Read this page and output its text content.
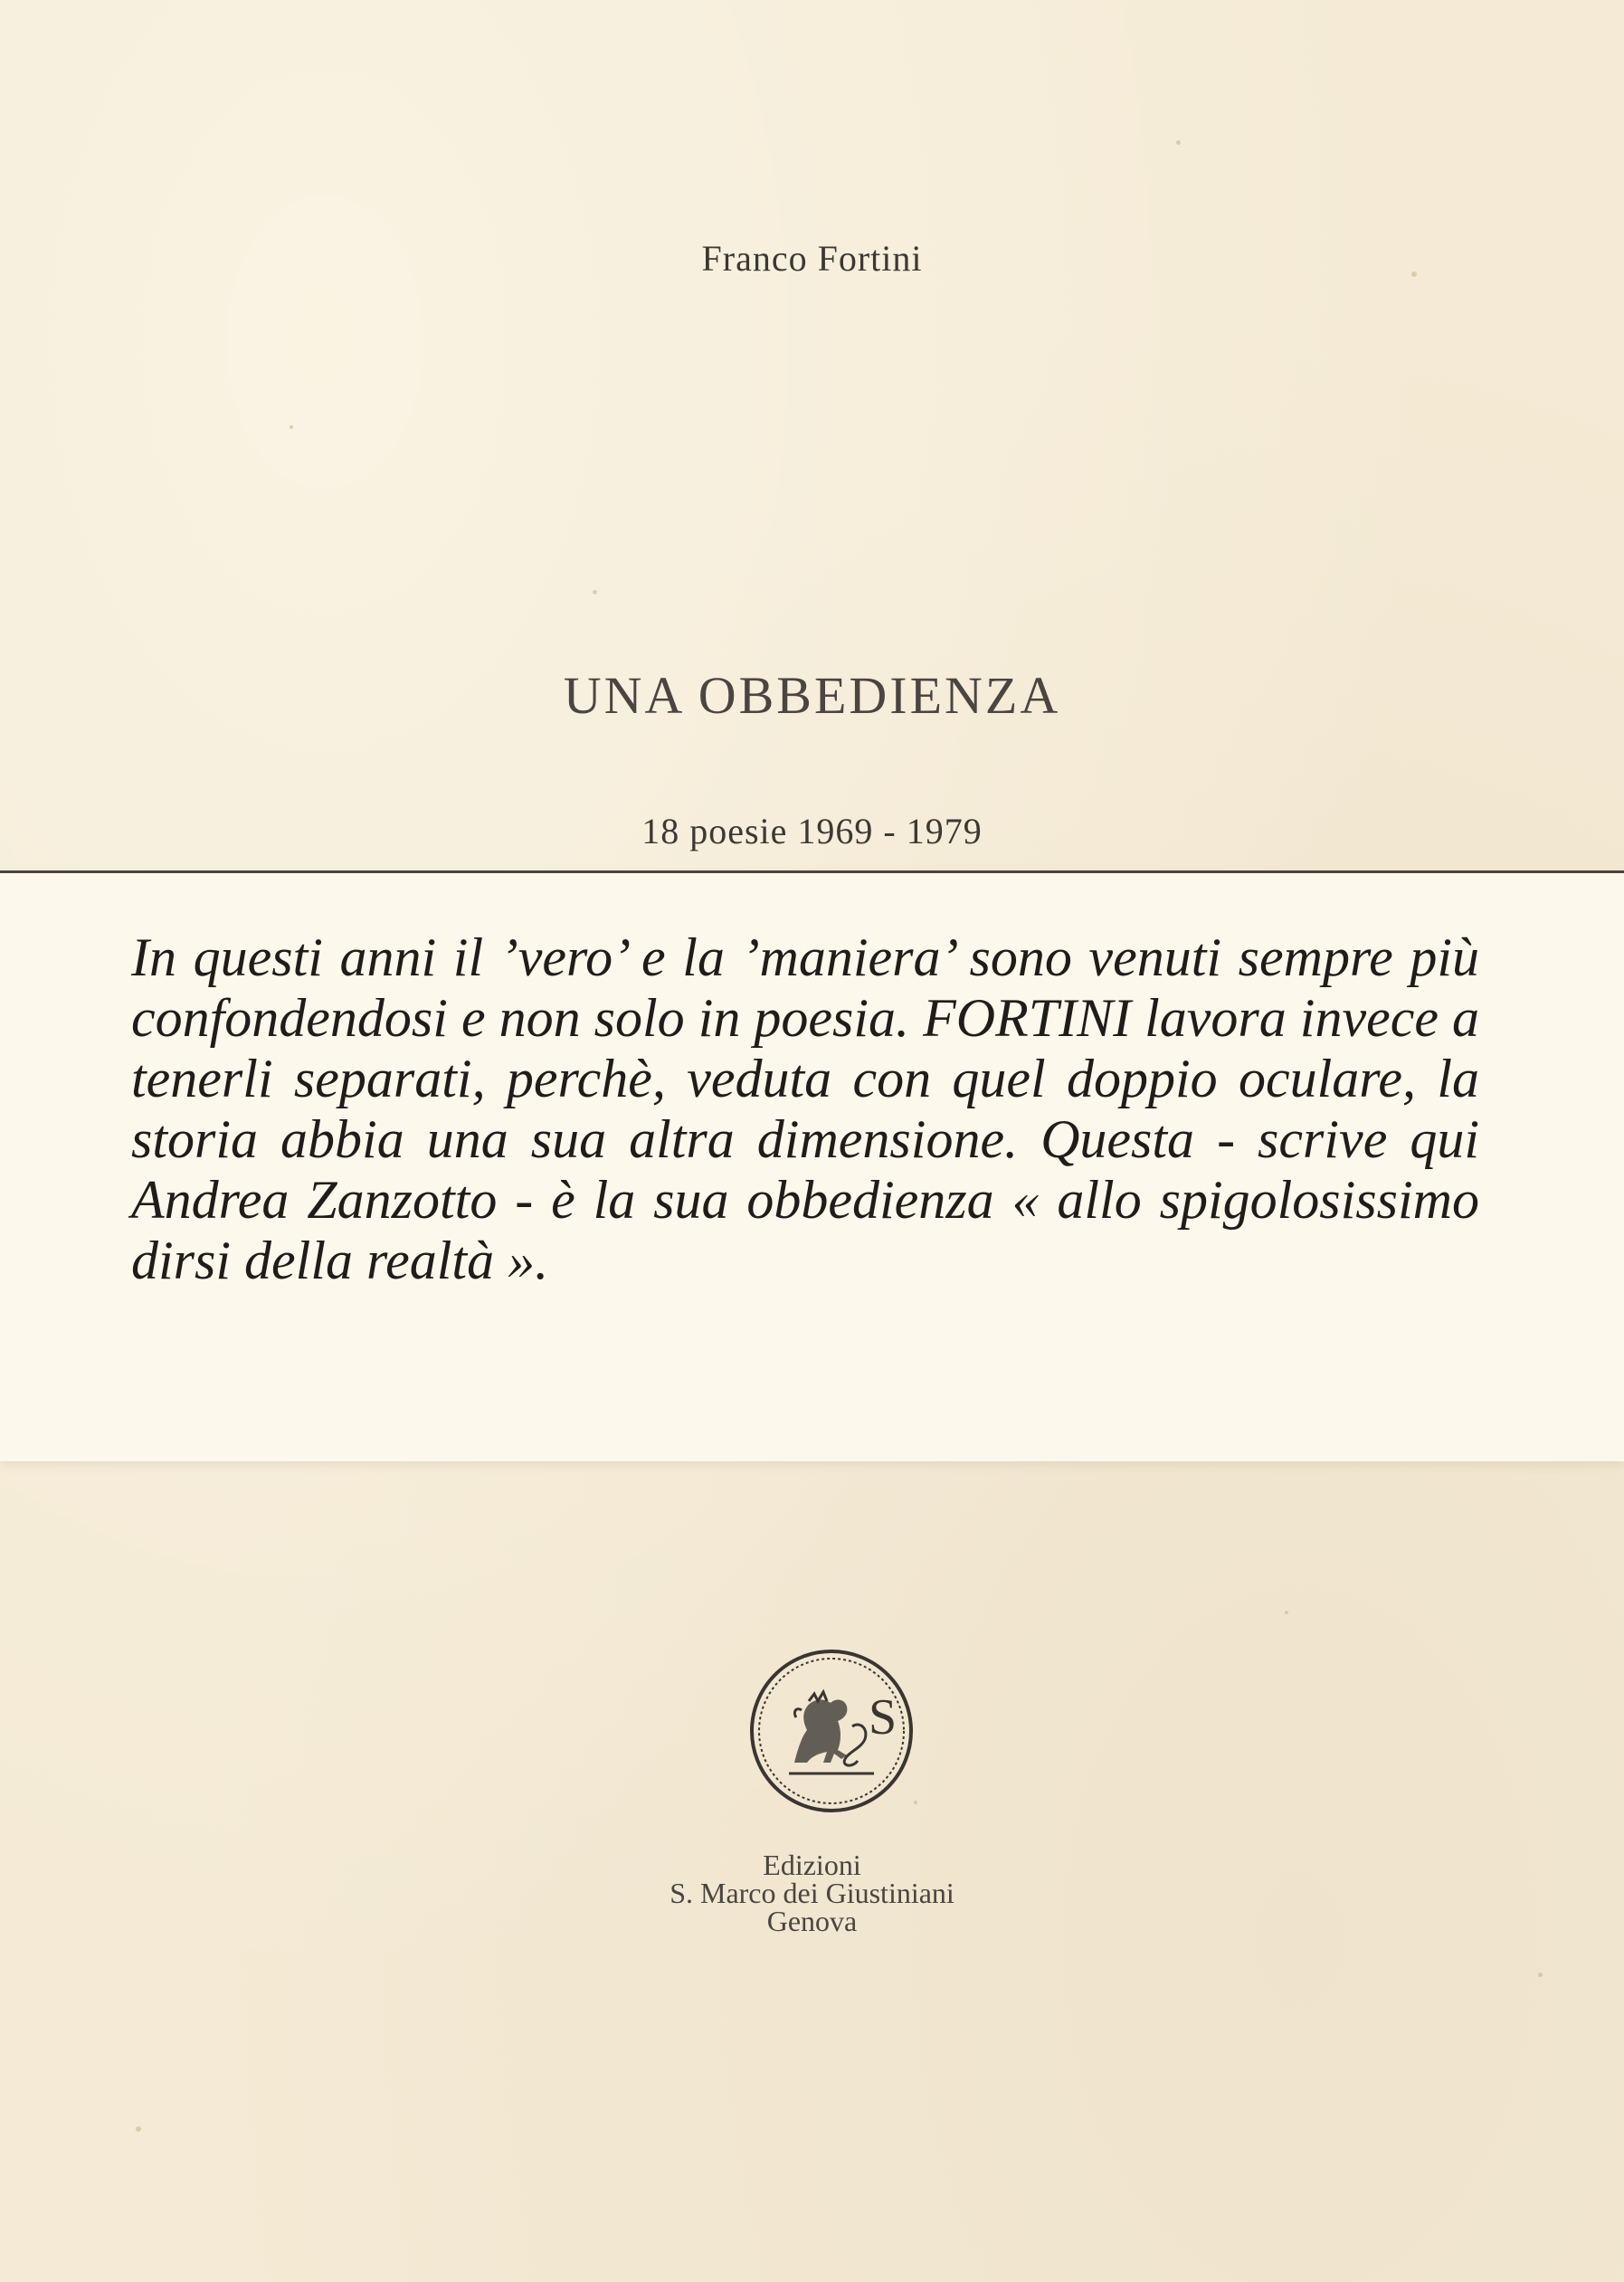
Franco Fortini
UNA OBBEDIENZA
18 poesie 1969 - 1979

In questi anni il ’vero’ e la ’maniera’ sono venuti sempre più confondendosi e non solo in poesia. FORTINI lavora invece a tenerli separati, perchè, veduta con quel doppio oculare, la storia abbia una sua altra dimensione. Questa - scrive qui Andrea Zanzotto - è la sua obbedienza « allo spigolosissimo dirsi della realtà ».

S
Edizioni
S. Marco dei Giustiniani
Genova
